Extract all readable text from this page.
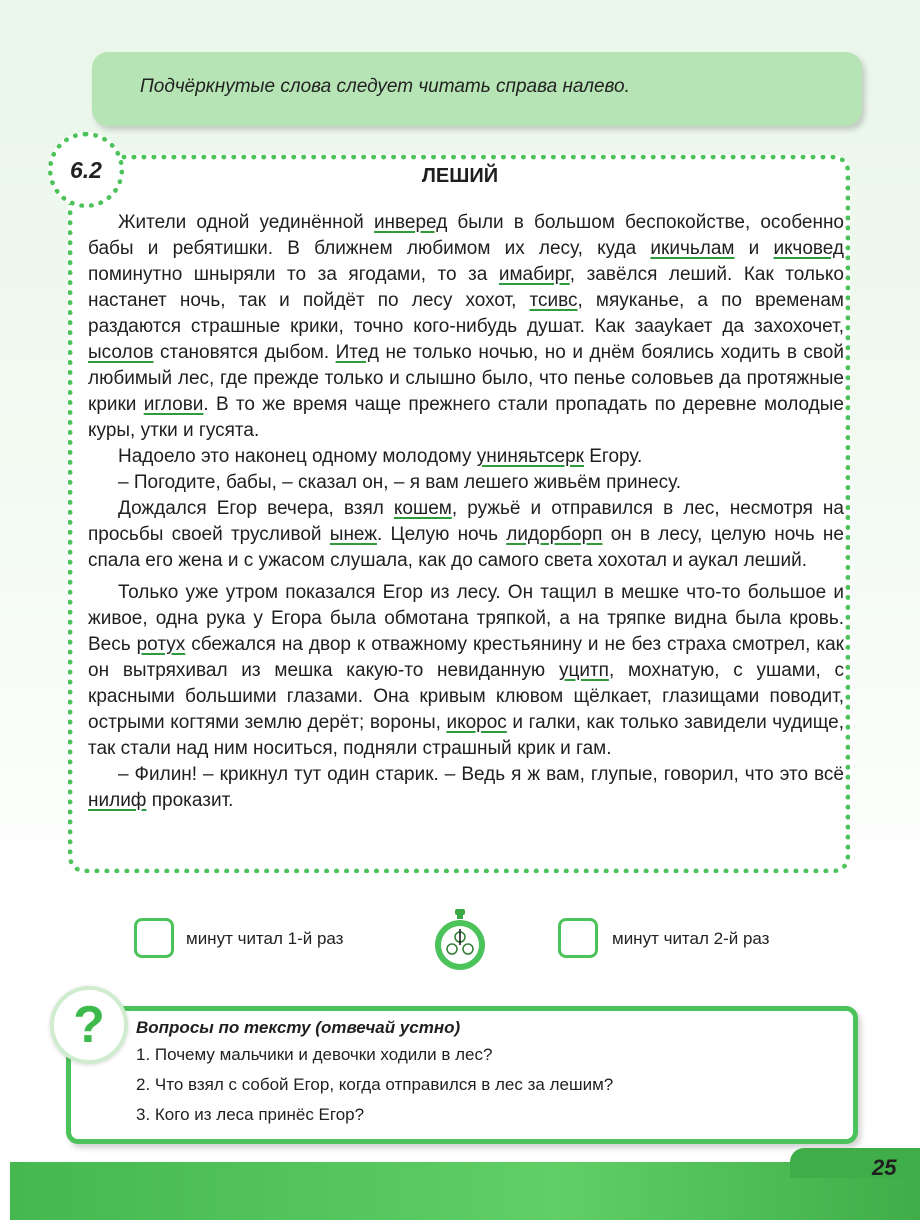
Подчёркнутые слова следует читать справа налево.
6.2	ЛЕШИЙ

Жители одной уединённой инверед были в большом беспокойстве, особенно бабы и ребятишки. В ближнем любимом их лесу, куда икичьлам и икчовед поминутно шныряли то за ягодами, то за имабирг, завёлся леший. Как только настанет ночь, так и пойдёт по лесу хохот, тсивс, мяуканье, а по временам раздаются страшные крики, точно кого-нибудь душат. Как заауkaет да захохочет, ысолов становятся дыбом. Итед не только ночью, но и днём боялись ходить в свой любимый лес, где прежде только и слышно было, что пенье соловьев да протяжные крики иглови. В то же время чаще прежнего стали пропадать по деревне молодые куры, утки и гусята.

Надоело это наконец одному молодому униняьтсерк Егору.

– Погодите, бабы, – сказал он, – я вам лешего живьём принесу.

Дождался Егор вечера, взял кошем, ружьё и отправился в лес, несмотря на просьбы своей трусливой ынеж. Целую ночь лидорборп он в лесу, целую ночь не спала его жена и с ужасом слушала, как до самого света хохотал и аукал леший.

Только уже утром показался Егор из лесу. Он тащил в мешке что-то большое и живое, одна рука у Егора была обмотана тряпкой, а на тряпке видна была кровь. Весь ротух сбежался на двор к отважному крестьянину и не без страха смотрел, как он вытряхивал из мешка какую-то невиданную уцитп, мохнатую, с ушами, с красными большими глазами. Она кривым клювом щёлкает, глазищами поводит, острыми когтями землю дерёт; вороны, икорос и галки, как только завидели чудище, так стали над ним носиться, подняли страшный крик и гам.

– Филин! – крикнул тут один старик. – Ведь я ж вам, глупые, говорил, что это всё нилиф проказит.

минут читал 1-й раз	минут читал 2-й раз
?	Вопросы по тексту (отвечай устно)
1. Почему мальчики и девочки ходили в лес?
2. Что взял с собой Егор, когда отправился в лес за лешим?
3. Кого из леса принёс Егор?
25
